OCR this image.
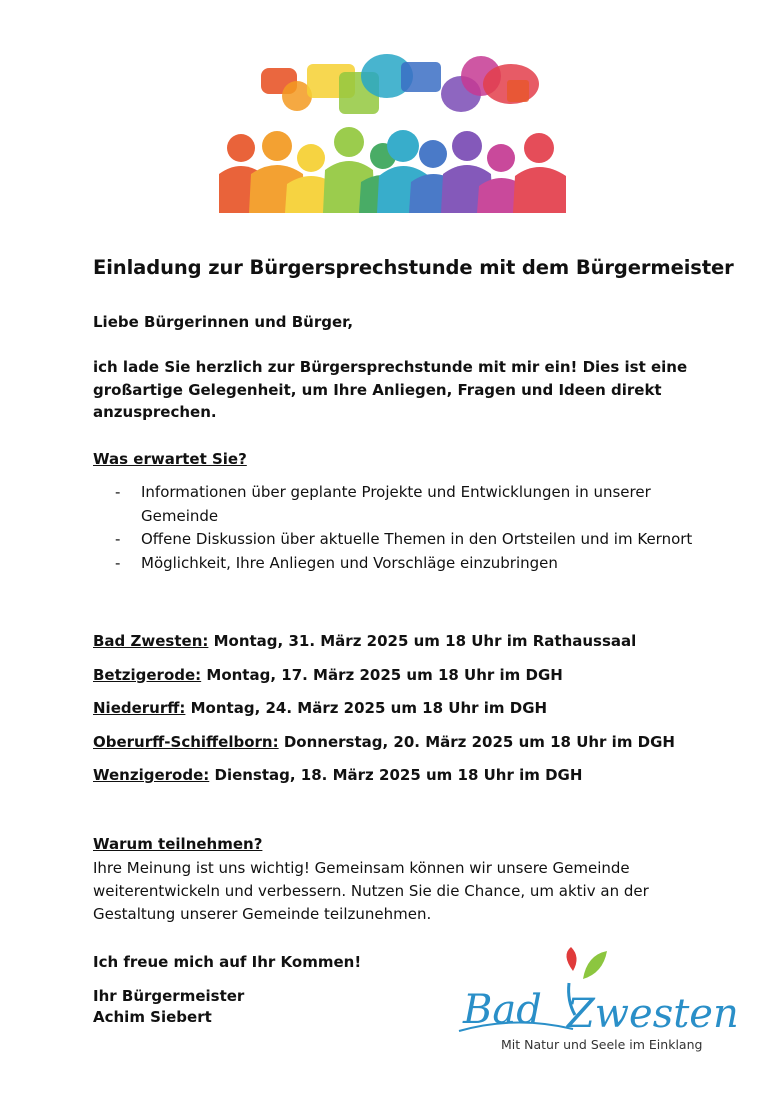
Einladung zur Bürgersprechstunde mit dem Bürgermeister

Liebe Bürgerinnen und Bürger,

ich lade Sie herzlich zur Bürgersprechstunde mit mir ein! Dies ist eine großartige Gelegenheit, um Ihre Anliegen, Fragen und Ideen direkt anzusprechen.

Was erwartet Sie?

- Informationen über geplante Projekte und Entwicklungen in unserer Gemeinde
- Offene Diskussion über aktuelle Themen in den Ortsteilen und im Kernort
- Möglichkeit, Ihre Anliegen und Vorschläge einzubringen
Bad Zwesten: Montag, 31. März 2025 um 18 Uhr im Rathaussaal
Betzigerode: Montag, 17. März 2025 um 18 Uhr im DGH
Niederurff: Montag, 24. März 2025 um 18 Uhr im DGH
Oberurff-Schiffelborn: Donnerstag, 20. März 2025 um 18 Uhr im DGH
Wenzigerode: Dienstag, 18. März 2025 um 18 Uhr im DGH

Warum teilnehmen?

Ihre Meinung ist uns wichtig! Gemeinsam können wir unsere Gemeinde weiterentwickeln und verbessern. Nutzen Sie die Chance, um aktiv an der Gestaltung unserer Gemeinde teilzunehmen.

Ich freue mich auf Ihr Kommen!

Ihr Bürgermeister
Achim Siebert	Bad Zwesten
Mit Natur und Seele im Einklang
